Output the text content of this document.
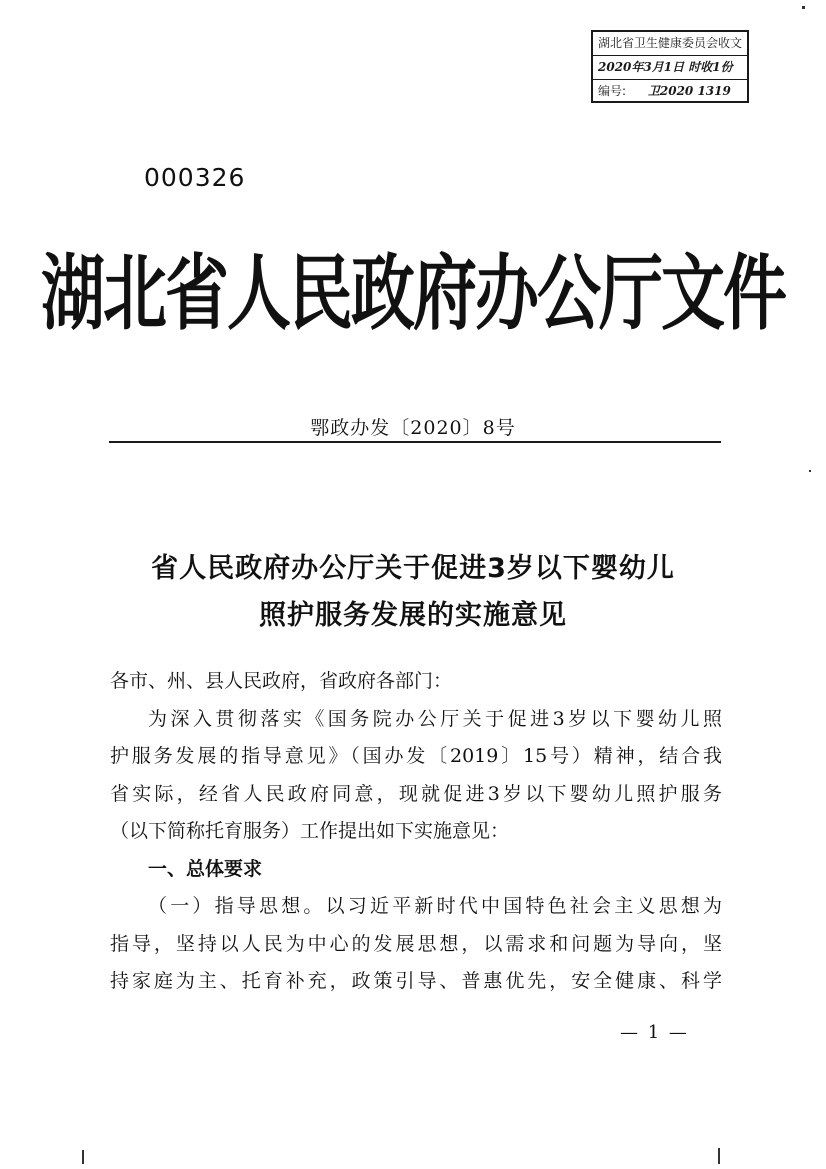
湖北省卫生健康委员会收文
2020年3月1日 时收1份
编号: 卫2020 1319
000326
湖北省人民政府办公厅文件
鄂政办发〔2020〕8号
省人民政府办公厅关于促进3岁以下婴幼儿
照护服务发展的实施意见
各市、州、县人民政府，省政府各部门：
为深入贯彻落实《国务院办公厅关于促进3岁以下婴幼儿照
护服务发展的指导意见》（国办发〔2019〕15号）精神，结合我
省实际，经省人民政府同意，现就促进3岁以下婴幼儿照护服务
（以下简称托育服务）工作提出如下实施意见：
一、总体要求
（一）指导思想。以习近平新时代中国特色社会主义思想为
指导，坚持以人民为中心的发展思想，以需求和问题为导向，坚
持家庭为主、托育补充，政策引导、普惠优先，安全健康、科学
— 1 —
